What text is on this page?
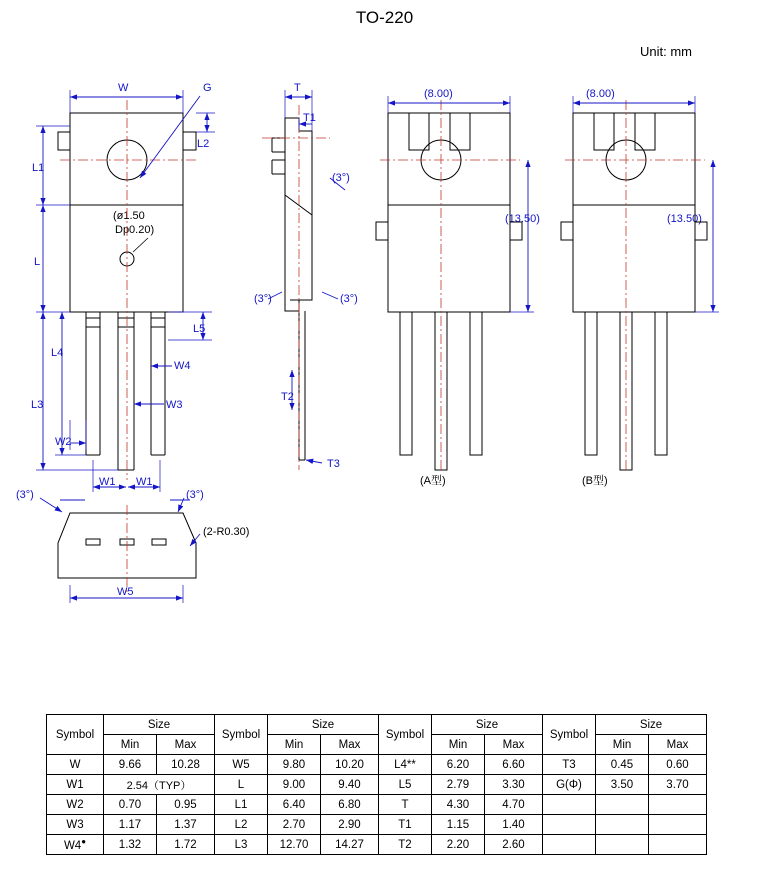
TO-220
Unit: mm
W	G
L2
L1
L
L5
L4
W4
L3	W3
W2
W1 W1
(ø1.50
Dp0.20)
T
T1
T2
T3
(3°)
(3°)	(3°)
(3°)	(3°)
(2-R0.30)
W5
(8.00)
(13.50)
(A型)
(8.00)
(13.50)
(B型)
Symbol	Size		Symbol	Size		Symbol	Size		Symbol	Size	
	Min	Max		Min	Max		Min	Max		Min	Max
W	9.66	10.28	W5	9.80	10.20	L4**	6.20	6.60	T3	0.45	0.60
W1	2.54（TYP）		L	9.00	9.40	L5	2.79	3.30	G(Φ)	3.50	3.70
W2	0.70	0.95	L1	6.40	6.80	T	4.30	4.70			
W3	1.17	1.37	L2	2.70	2.90	T1	1.15	1.40			
W4●	1.32	1.72	L3	12.70	14.27	T2	2.20	2.60			
